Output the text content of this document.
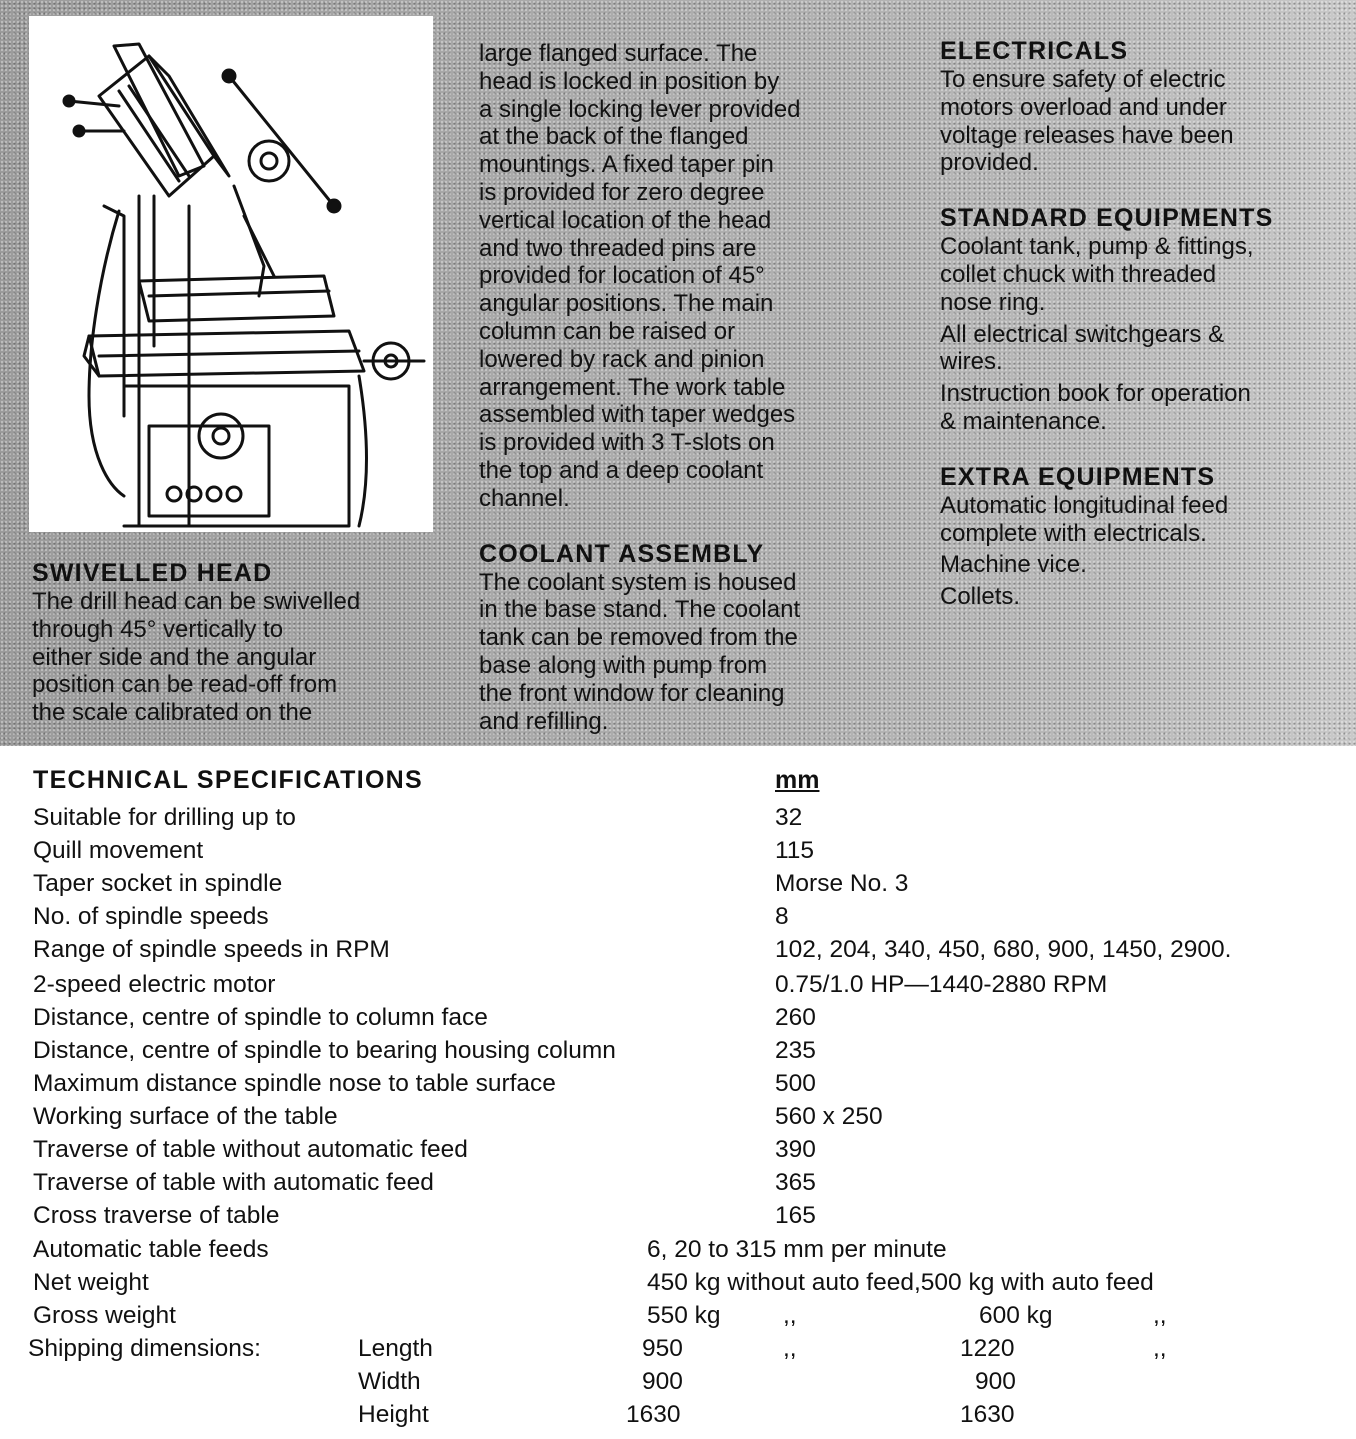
SWIVELLED HEAD

The drill head can be swivelled
through 45° vertically to
either side and the angular
position can be read-off from
the scale calibrated on the

large flanged surface. The
head is locked in position by
a single locking lever provided
at the back of the flanged
mountings. A fixed taper pin
is provided for zero degree
vertical location of the head
and two threaded pins are
provided for location of 45°
angular positions. The main
column can be raised or
lowered by rack and pinion
arrangement. The work table
assembled with taper wedges
is provided with 3 T-slots on
the top and a deep coolant
channel.

COOLANT ASSEMBLY

The coolant system is housed
in the base stand. The coolant
tank can be removed from the
base along with pump from
the front window for cleaning
and refilling.

ELECTRICALS

To ensure safety of electric
motors overload and under
voltage releases have been
provided.

STANDARD EQUIPMENTS

Coolant tank, pump & fittings,
collet chuck with threaded
nose ring.

All electrical switchgears &
wires.

Instruction book for operation
& maintenance.

EXTRA EQUIPMENTS

Automatic longitudinal feed
complete with electricals.

Machine vice.

Collets.

TECHNICAL SPECIFICATIONS	mm
Suitable for drilling up to	32
Quill movement	115
Taper socket in spindle	Morse No. 3
No. of spindle speeds	8
Range of spindle speeds in RPM	102, 204, 340, 450, 680, 900, 1450, 2900.
2-speed electric motor	0.75/1.0 HP—1440-2880 RPM
Distance, centre of spindle to column face	260
Distance, centre of spindle to bearing housing column	235
Maximum distance spindle nose to table surface	500
Working surface of the table	560 x 250
Traverse of table without automatic feed	390
Traverse of table with automatic feed	365
Cross traverse of table	165
Automatic table feeds	6, 20 to 315 mm per minute
Net weight	450 kg without auto feed,500 kg with auto feed
Gross weight	550 kg	,,	600 kg	,,
Shipping dimensions:	Length	950	,,	1220	,,
Width	900	900
Height	1630	1630
